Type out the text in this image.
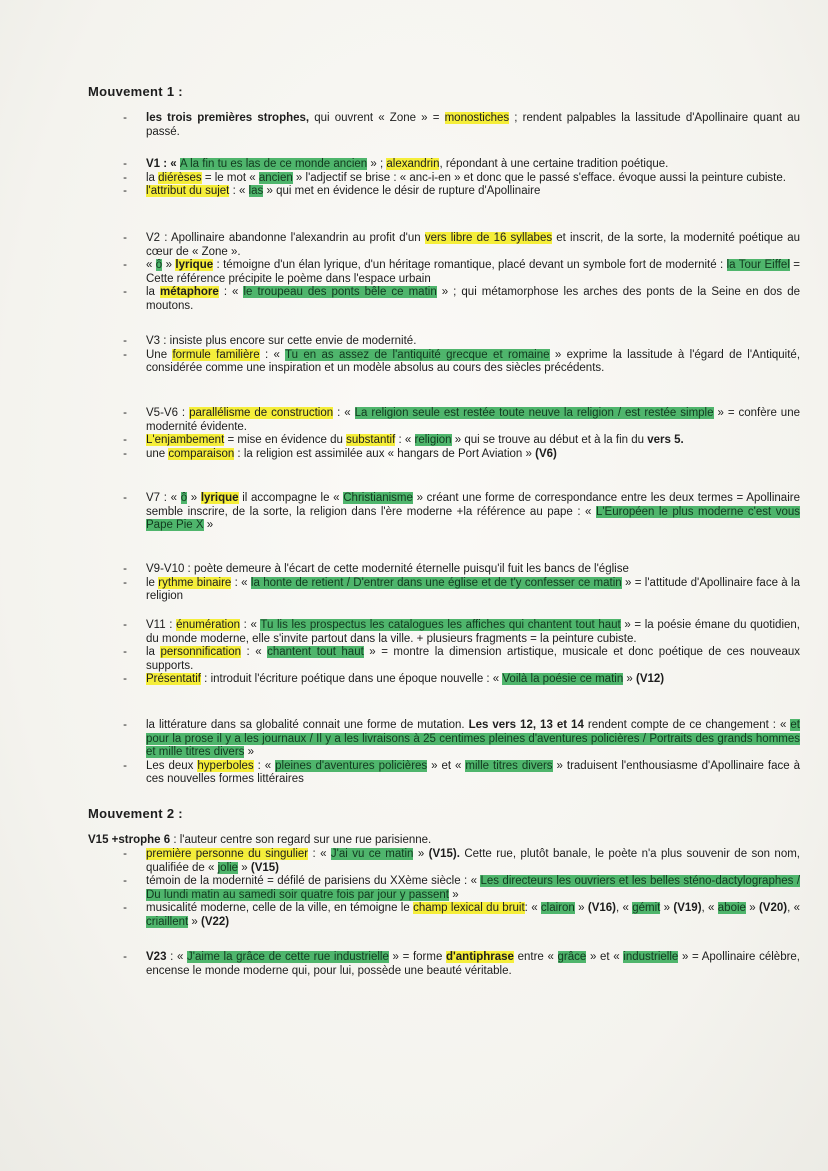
Mouvement 1 :
-	les trois premières strophes, qui ouvrent « Zone » = monostiches ; rendent palpables la lassitude d'Apollinaire quant au passé.
-	V1 : « A la fin tu es las de ce monde ancien » ; alexandrin, répondant à une certaine tradition poétique.
-	la diérèses = le mot « ancien » l'adjectif se brise : « anc-i-en » et donc que le passé s'efface. évoque aussi la peinture cubiste.
-	l'attribut du sujet : « las » qui met en évidence le désir de rupture d'Apollinaire
-	V2 : Apollinaire abandonne l'alexandrin au profit d'un vers libre de 16 syllabes et inscrit, de la sorte, la modernité poétique au cœur de « Zone ».
-	« ô » lyrique : témoigne d'un élan lyrique, d'un héritage romantique, placé devant un symbole fort de modernité : la Tour Eiffel = Cette référence précipite le poème dans l'espace urbain
-	la métaphore : « le troupeau des ponts bêle ce matin » ; qui métamorphose les arches des ponts de la Seine en dos de moutons.
-	V3 : insiste plus encore sur cette envie de modernité.
-	Une formule familière : « Tu en as assez de l'antiquité grecque et romaine » exprime la lassitude à l'égard de l'Antiquité, considérée comme une inspiration et un modèle absolus au cours des siècles précédents.
-	V5-V6 : parallélisme de construction : « La religion seule est restée toute neuve la religion / est restée simple » = confère une modernité évidente.
-	L'enjambement = mise en évidence du substantif : « religion » qui se trouve au début et à la fin du vers 5.
-	une comparaison : la religion est assimilée aux « hangars de Port Aviation » (V6)
-	V7 : « ô » lyrique il accompagne le « Christianisme » créant une forme de correspondance entre les deux termes = Apollinaire semble inscrire, de la sorte, la religion dans l'ère moderne +la référence au pape : « L'Européen le plus moderne c'est vous Pape Pie X »
-	V9-V10 : poète demeure à l'écart de cette modernité éternelle puisqu'il fuit les bancs de l'église
-	le rythme binaire : « la honte de retient / D'entrer dans une église et de t'y confesser ce matin » = l'attitude d'Apollinaire face à la religion
-	V11 : énumération : « Tu lis les prospectus les catalogues les affiches qui chantent tout haut » = la poésie émane du quotidien, du monde moderne, elle s'invite partout dans la ville. + plusieurs fragments = la peinture cubiste.
-	la personnification : « chantent tout haut » = montre la dimension artistique, musicale et donc poétique de ces nouveaux supports.
-	Présentatif : introduit l'écriture poétique dans une époque nouvelle : « Voilà la poésie ce matin » (V12)
-	la littérature dans sa globalité connait une forme de mutation. Les vers 12, 13 et 14 rendent compte de ce changement : « et pour la prose il y a les journaux / Il y a les livraisons à 25 centimes pleines d'aventures policières / Portraits des grands hommes et mille titres divers »
-	Les deux hyperboles : « pleines d'aventures policières » et « mille titres divers » traduisent l'enthousiasme d'Apollinaire face à ces nouvelles formes littéraires
Mouvement 2 :
V15 +strophe 6 : l'auteur centre son regard sur une rue parisienne.
-	première personne du singulier : « J'ai vu ce matin » (V15). Cette rue, plutôt banale, le poète n'a plus souvenir de son nom, qualifiée de « jolie » (V15)
-	témoin de la modernité = défilé de parisiens du XXème siècle : « Les directeurs les ouvriers et les belles sténo-dactylographes / Du lundi matin au samedi soir quatre fois par jour y passent »
-	musicalité moderne, celle de la ville, en témoigne le champ lexical du bruit: « clairon » (V16), « gémit » (V19), « aboie » (V20), « criaillent » (V22)
-	V23 : « J'aime la grâce de cette rue industrielle » = forme d'antiphrase entre « grâce » et « industrielle » = Apollinaire célèbre, encense le monde moderne qui, pour lui, possède une beauté véritable.
